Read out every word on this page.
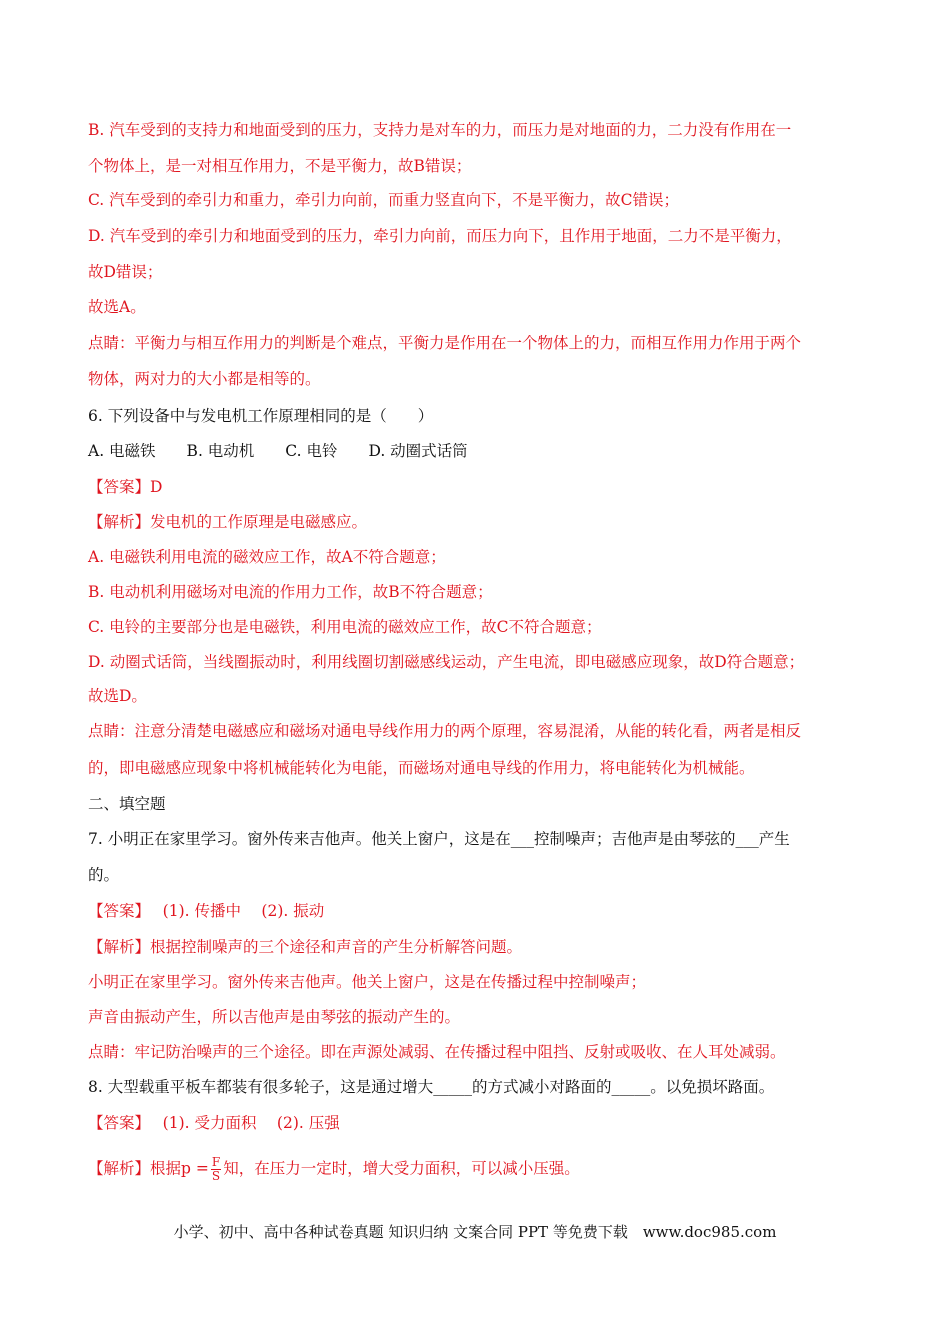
B. 汽车受到的支持力和地面受到的压力，支持力是对车的力，而压力是对地面的力，二力没有作用在一
个物体上，是一对相互作用力，不是平衡力，故B错误；
C. 汽车受到的牵引力和重力，牵引力向前，而重力竖直向下，不是平衡力，故C错误；
D. 汽车受到的牵引力和地面受到的压力，牵引力向前，而压力向下，且作用于地面，二力不是平衡力，
故D错误；
故选A。
点睛：平衡力与相互作用力的判断是个难点，平衡力是作用在一个物体上的力，而相互作用力作用于两个
物体，两对力的大小都是相等的。
6. 下列设备中与发电机工作原理相同的是（　　）
A. 电磁铁　　B. 电动机　　C. 电铃　　D. 动圈式话筒
【答案】D
【解析】发电机的工作原理是电磁感应。
A. 电磁铁利用电流的磁效应工作，故A不符合题意；
B. 电动机利用磁场对电流的作用力工作，故B不符合题意；
C. 电铃的主要部分也是电磁铁，利用电流的磁效应工作，故C不符合题意；
D. 动圈式话筒，当线圈振动时，利用线圈切割磁感线运动，产生电流，即电磁感应现象，故D符合题意；
故选D。
点睛：注意分清楚电磁感应和磁场对通电导线作用力的两个原理，容易混淆，从能的转化看，两者是相反
的，即电磁感应现象中将机械能转化为电能，而磁场对通电导线的作用力，将电能转化为机械能。
二、填空题
7. 小明正在家里学习。窗外传来吉他声。他关上窗户，这是在___控制噪声；吉他声是由琴弦的___产生
的。
【答案】　 (1). 传播中　 (2). 振动
【解析】根据控制噪声的三个途径和声音的产生分析解答问题。
小明正在家里学习。窗外传来吉他声。他关上窗户，这是在传播过程中控制噪声；
声音由振动产生，所以吉他声是由琴弦的振动产生的。
点睛：牢记防治噪声的三个途径。即在声源处减弱、在传播过程中阻挡、反射或吸收、在人耳处减弱。
8. 大型载重平板车都装有很多轮子，这是通过增大_____的方式减小对路面的_____。以免损坏路面。
【答案】　 (1). 受力面积　 (2). 压强
【解析】根据$p = \frac{F}{S}$ 知，在压力一定时，增大受力面积，可以减小压强。
小学、初中、高中各种试卷真题 知识归纳 文案合同 PPT 等免费下载　www.doc985.com
